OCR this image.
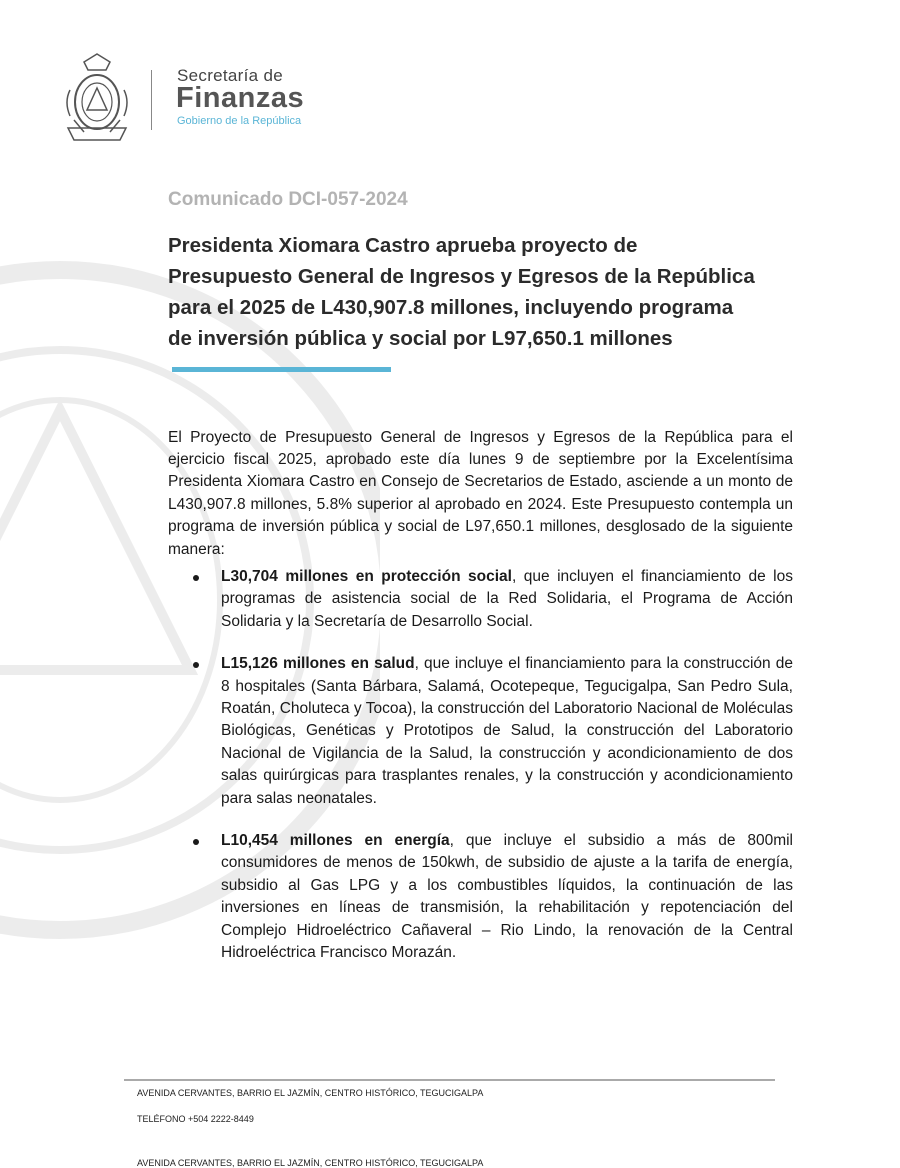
Secretaría de
Finanzas
Gobierno de la República
Comunicado DCI-057-2024
Presidenta Xiomara Castro aprueba proyecto de
Presupuesto General de Ingresos y Egresos de la República
para el 2025 de L430,907.8 millones, incluyendo programa
de inversión pública y social por L97,650.1 millones

El Proyecto de Presupuesto General de Ingresos y Egresos de la República para el ejercicio fiscal 2025, aprobado este día lunes 9 de septiembre por la Excelentísima Presidenta Xiomara Castro en Consejo de Secretarios de Estado, asciende a un monto de L430,907.8 millones, 5.8% superior al aprobado en 2024. Este Presupuesto contempla un programa de inversión pública y social de L97,650.1 millones, desglosado de la siguiente manera:

L30,704 millones en protección social, que incluyen el financiamiento de los programas de asistencia social de la Red Solidaria, el Programa de Acción Solidaria y la Secretaría de Desarrollo Social.
L15,126 millones en salud, que incluye el financiamiento para la construcción de 8 hospitales (Santa Bárbara, Salamá, Ocotepeque, Tegucigalpa, San Pedro Sula, Roatán, Choluteca y Tocoa), la construcción del Laboratorio Nacional de Moléculas Biológicas, Genéticas y Prototipos de Salud, la construcción del Laboratorio Nacional de Vigilancia de la Salud, la construcción y acondicionamiento de dos salas quirúrgicas para trasplantes renales, y la construcción y acondicionamiento para salas neonatales.
L10,454 millones en energía, que incluye el subsidio a más de 800mil consumidores de menos de 150kwh, de subsidio de ajuste a la tarifa de energía, subsidio al Gas LPG y a los combustibles líquidos, la continuación de las inversiones en líneas de transmisión, la rehabilitación y repotenciación del Complejo Hidroeléctrico Cañaveral – Rio Lindo, la renovación de la Central Hidroeléctrica Francisco Morazán.
AVENIDA CERVANTES, BARRIO EL JAZMÍN, CENTRO HISTÓRICO, TEGUCIGALPA
TELÉFONO +504 2222-8449
AVENIDA CERVANTES, BARRIO EL JAZMÍN, CENTRO HISTÓRICO, TEGUCIGALPA
